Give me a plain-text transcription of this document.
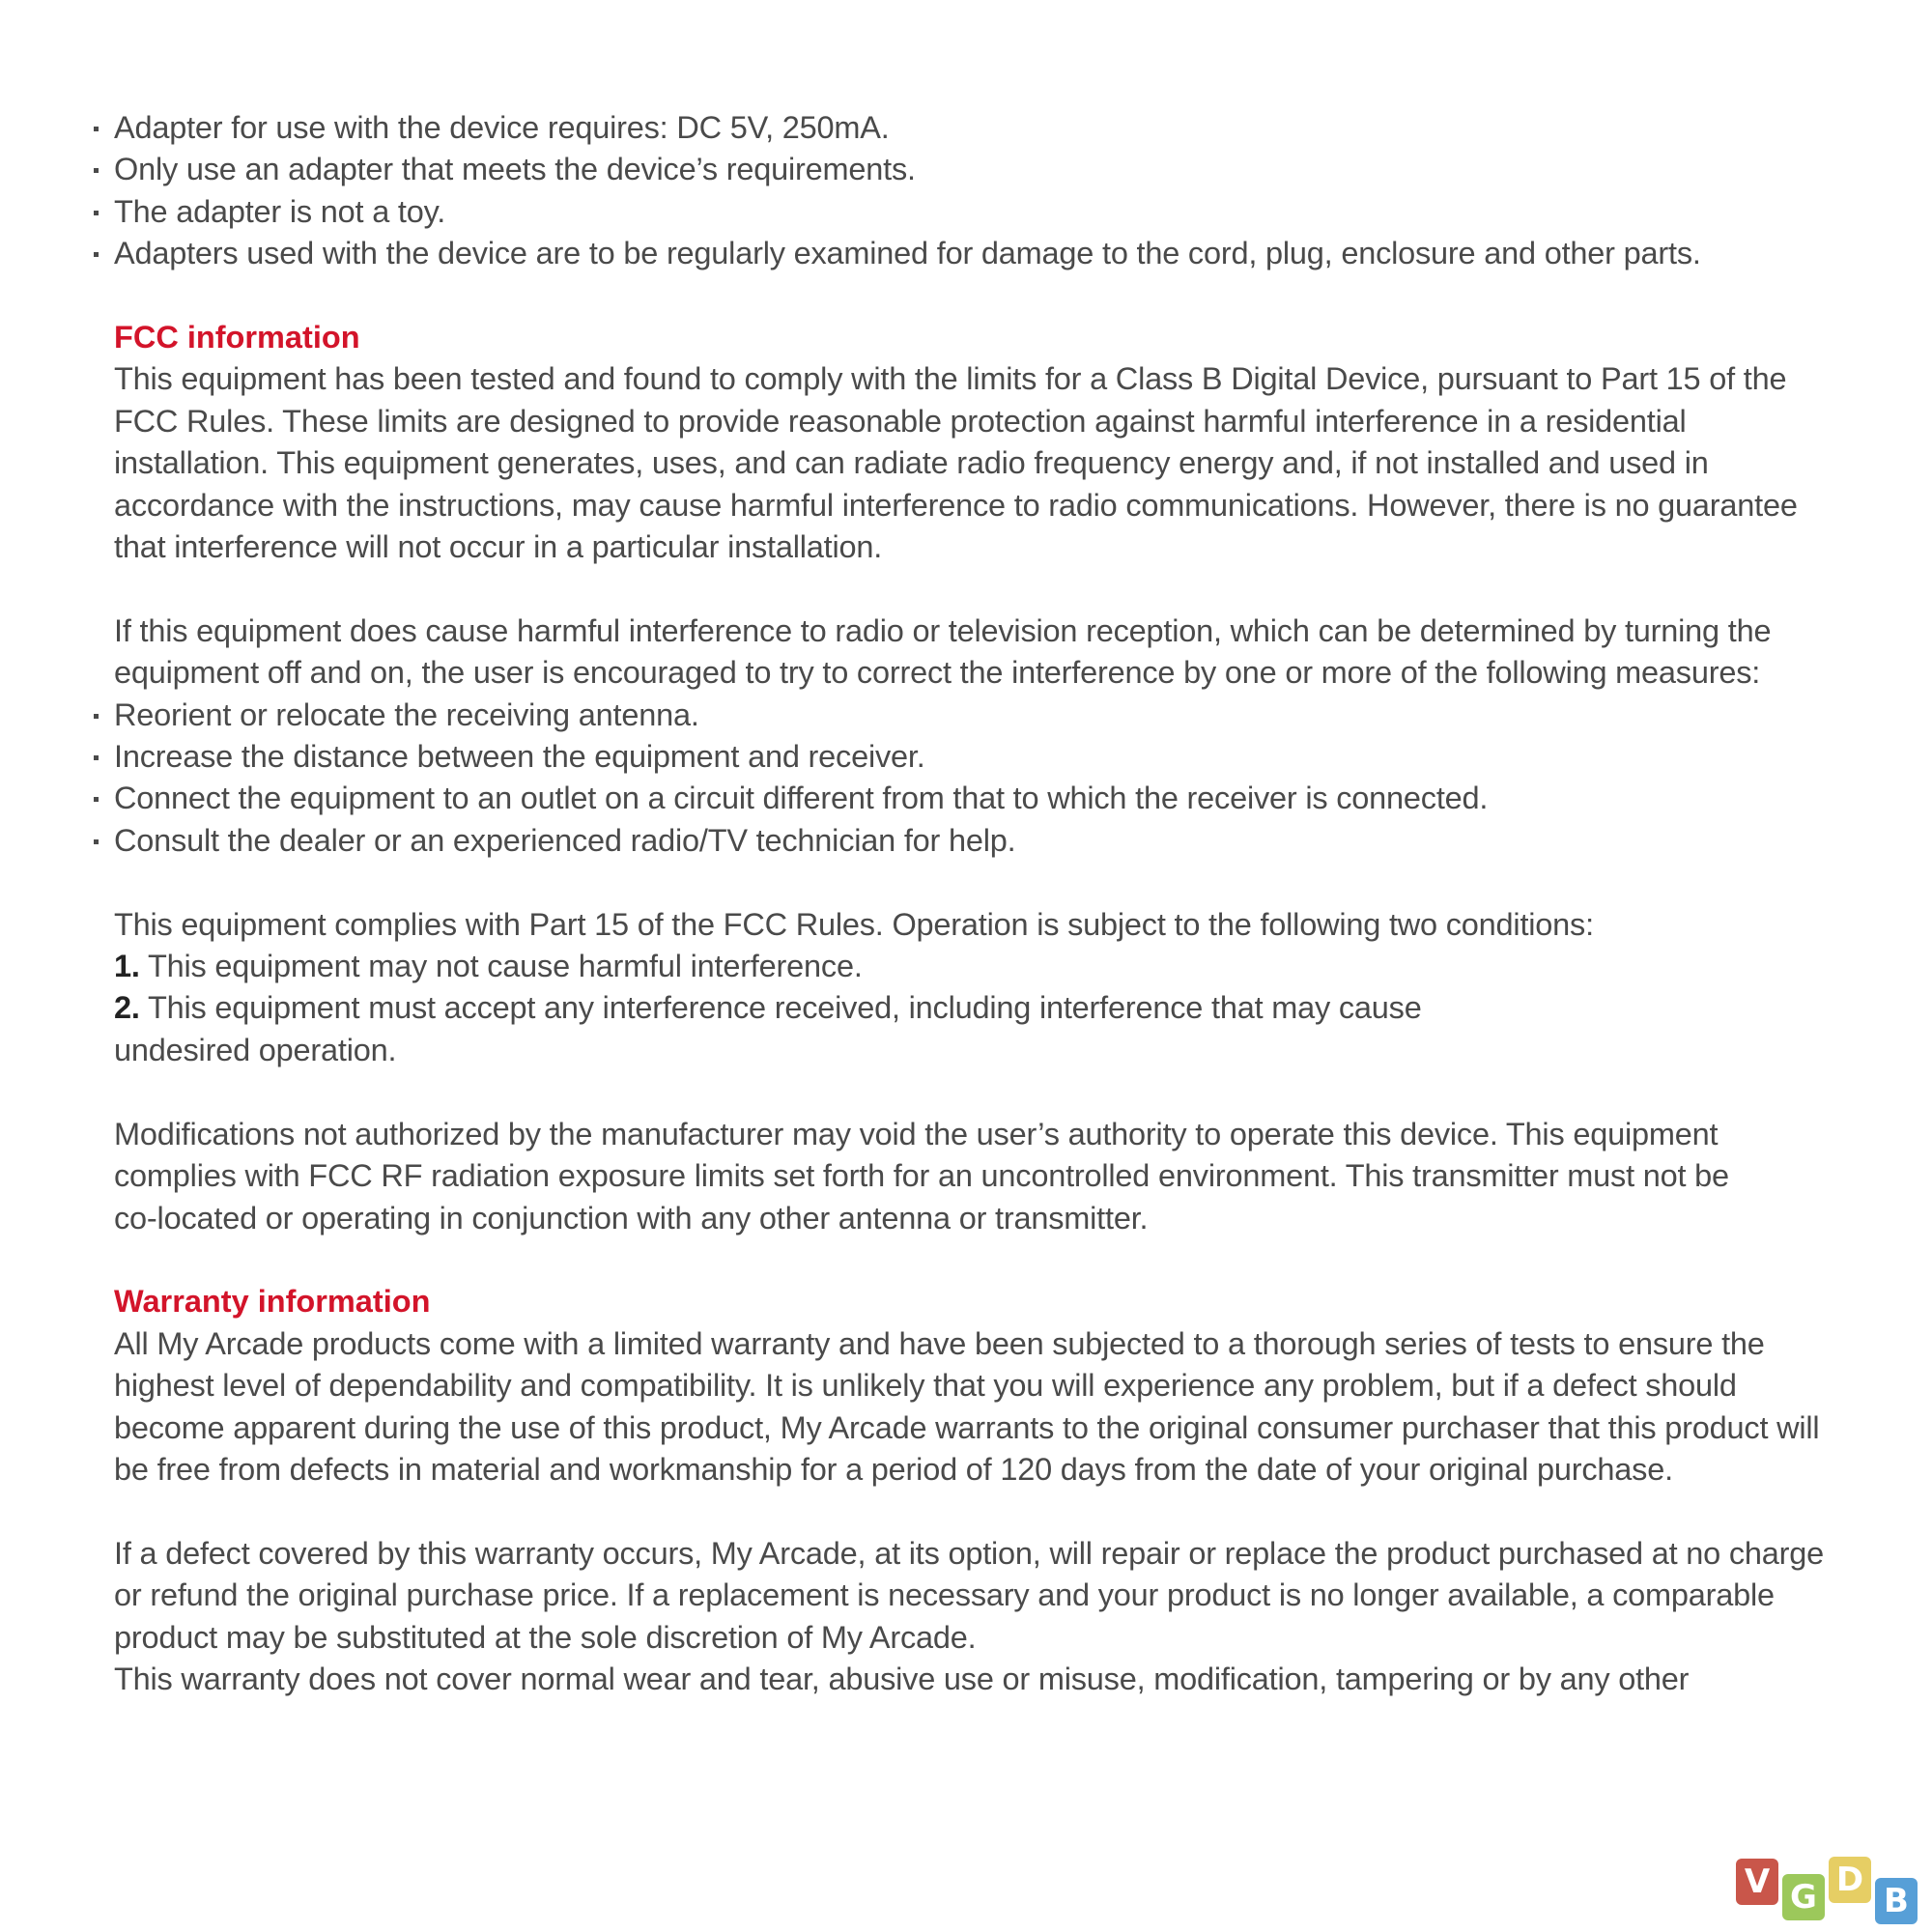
Adapter for use with the device requires: DC 5V, 250mA.
Only use an adapter that meets the device’s requirements.
The adapter is not a toy.
Adapters used with the device are to be regularly examined for damage to the cord, plug, enclosure and other parts.

FCC information

This equipment has been tested and found to comply with the limits for a Class B Digital Device, pursuant to Part 15 of the FCC Rules. These limits are designed to provide reasonable protection against harmful interference in a residential installation. This equipment generates, uses, and can radiate radio frequency energy and, if not installed and used in accordance with the instructions, may cause harmful interference to radio communications. However, there is no guarantee that interference will not occur in a particular installation.

If this equipment does cause harmful interference to radio or television reception, which can be determined by turning the equipment off and on, the user is encouraged to try to correct the interference by one or more of the following measures:

Reorient or relocate the receiving antenna.
Increase the distance between the equipment and receiver.
Connect the equipment to an outlet on a circuit different from that to which the receiver is connected.
Consult the dealer or an experienced radio/TV technician for help.

This equipment complies with Part 15 of the FCC Rules. Operation is subject to the following two conditions:

1. This equipment may not cause harmful interference.

2. This equipment must accept any interference received, including interference that may cause undesired operation.

Modifications not authorized by the manufacturer may void the user’s authority to operate this device. This equipment complies with FCC RF radiation exposure limits set forth for an uncontrolled environment. This transmitter must not be co-located or operating in conjunction with any other antenna or transmitter.

Warranty information

All My Arcade products come with a limited warranty and have been subjected to a thorough series of tests to ensure the highest level of dependability and compatibility. It is unlikely that you will experience any problem, but if a defect should become apparent during the use of this product, My Arcade warrants to the original consumer purchaser that this product will be free from defects in material and workmanship for a period of 120 days from the date of your original purchase.

If a defect covered by this warranty occurs, My Arcade, at its option, will repair or replace the product purchased at no charge or refund the original purchase price. If a replacement is necessary and your product is no longer available, a comparable product may be substituted at the sole discretion of My Arcade.

This warranty does not cover normal wear and tear, abusive use or misuse, modification, tampering or by any other

V G D
B
